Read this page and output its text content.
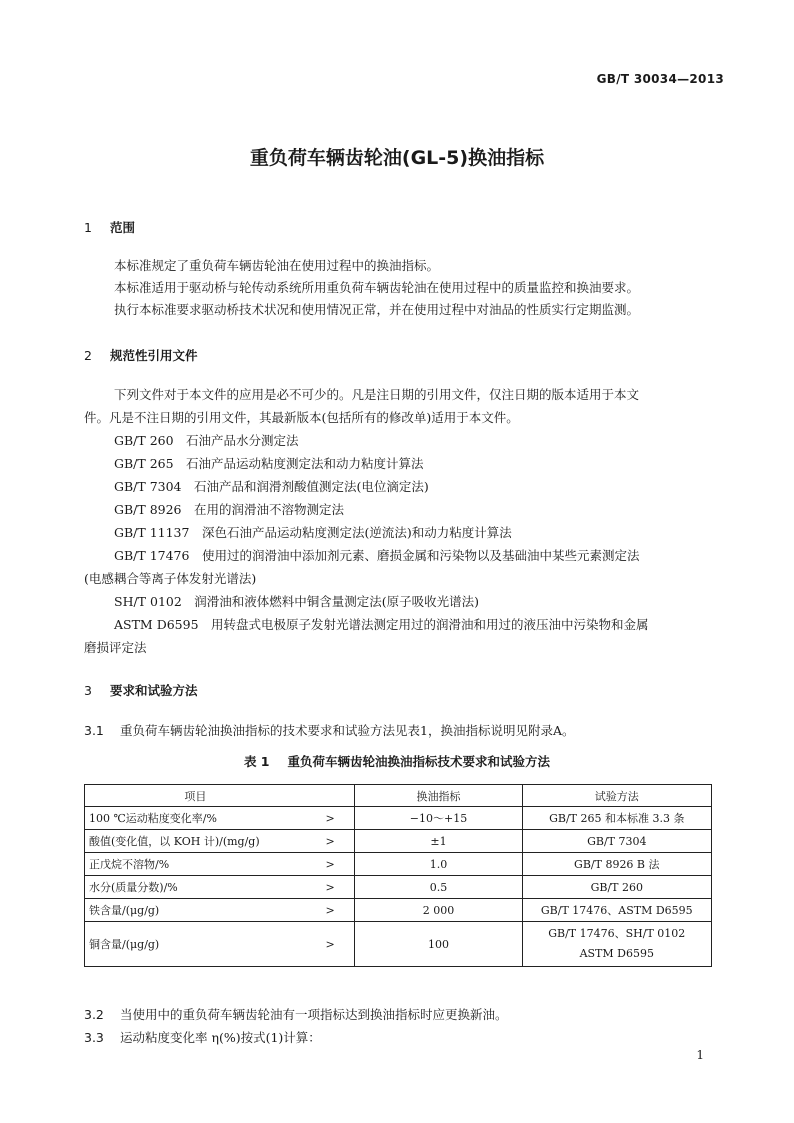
GB/T 30034—2013
重负荷车辆齿轮油(GL-5)换油指标
1 范围
本标准规定了重负荷车辆齿轮油在使用过程中的换油指标。
本标准适用于驱动桥与轮传动系统所用重负荷车辆齿轮油在使用过程中的质量监控和换油要求。
执行本标准要求驱动桥技术状况和使用情况正常，并在使用过程中对油品的性质实行定期监测。
2 规范性引用文件
下列文件对于本文件的应用是必不可少的。凡是注日期的引用文件，仅注日期的版本适用于本文
件。凡是不注日期的引用文件，其最新版本(包括所有的修改单)适用于本文件。
GB/T 260　石油产品水分测定法
GB/T 265　石油产品运动粘度测定法和动力粘度计算法
GB/T 7304　石油产品和润滑剂酸值测定法(电位滴定法)
GB/T 8926　在用的润滑油不溶物测定法
GB/T 11137　深色石油产品运动粘度测定法(逆流法)和动力粘度计算法
GB/T 17476　使用过的润滑油中添加剂元素、磨损金属和污染物以及基础油中某些元素测定法
(电感耦合等离子体发射光谱法)
SH/T 0102　润滑油和液体燃料中铜含量测定法(原子吸收光谱法)
ASTM D6595　用转盘式电极原子发射光谱法测定用过的润滑油和用过的液压油中污染物和金属
磨损评定法
3 要求和试验方法
3.1 重负荷车辆齿轮油换油指标的技术要求和试验方法见表1，换油指标说明见附录A。
表 1 重负荷车辆齿轮油换油指标技术要求和试验方法
项目		换油指标	试验方法
100 ℃运动粘度变化率/%	>	−10～+15	GB/T 265 和本标准 3.3 条
酸值(变化值，以 KOH 计)/(mg/g)	>	±1	GB/T 7304
正戊烷不溶物/%	>	1.0	GB/T 8926 B 法
水分(质量分数)/%	>	0.5	GB/T 260
铁含量/(μg/g)	>	2 000	GB/T 17476、ASTM D6595
铜含量/(μg/g)	>	100	GB/T 17476、SH/T 0102
ASTM D6595
3.2 当使用中的重负荷车辆齿轮油有一项指标达到换油指标时应更换新油。
3.3 运动粘度变化率 η(%)按式(1)计算：
1
